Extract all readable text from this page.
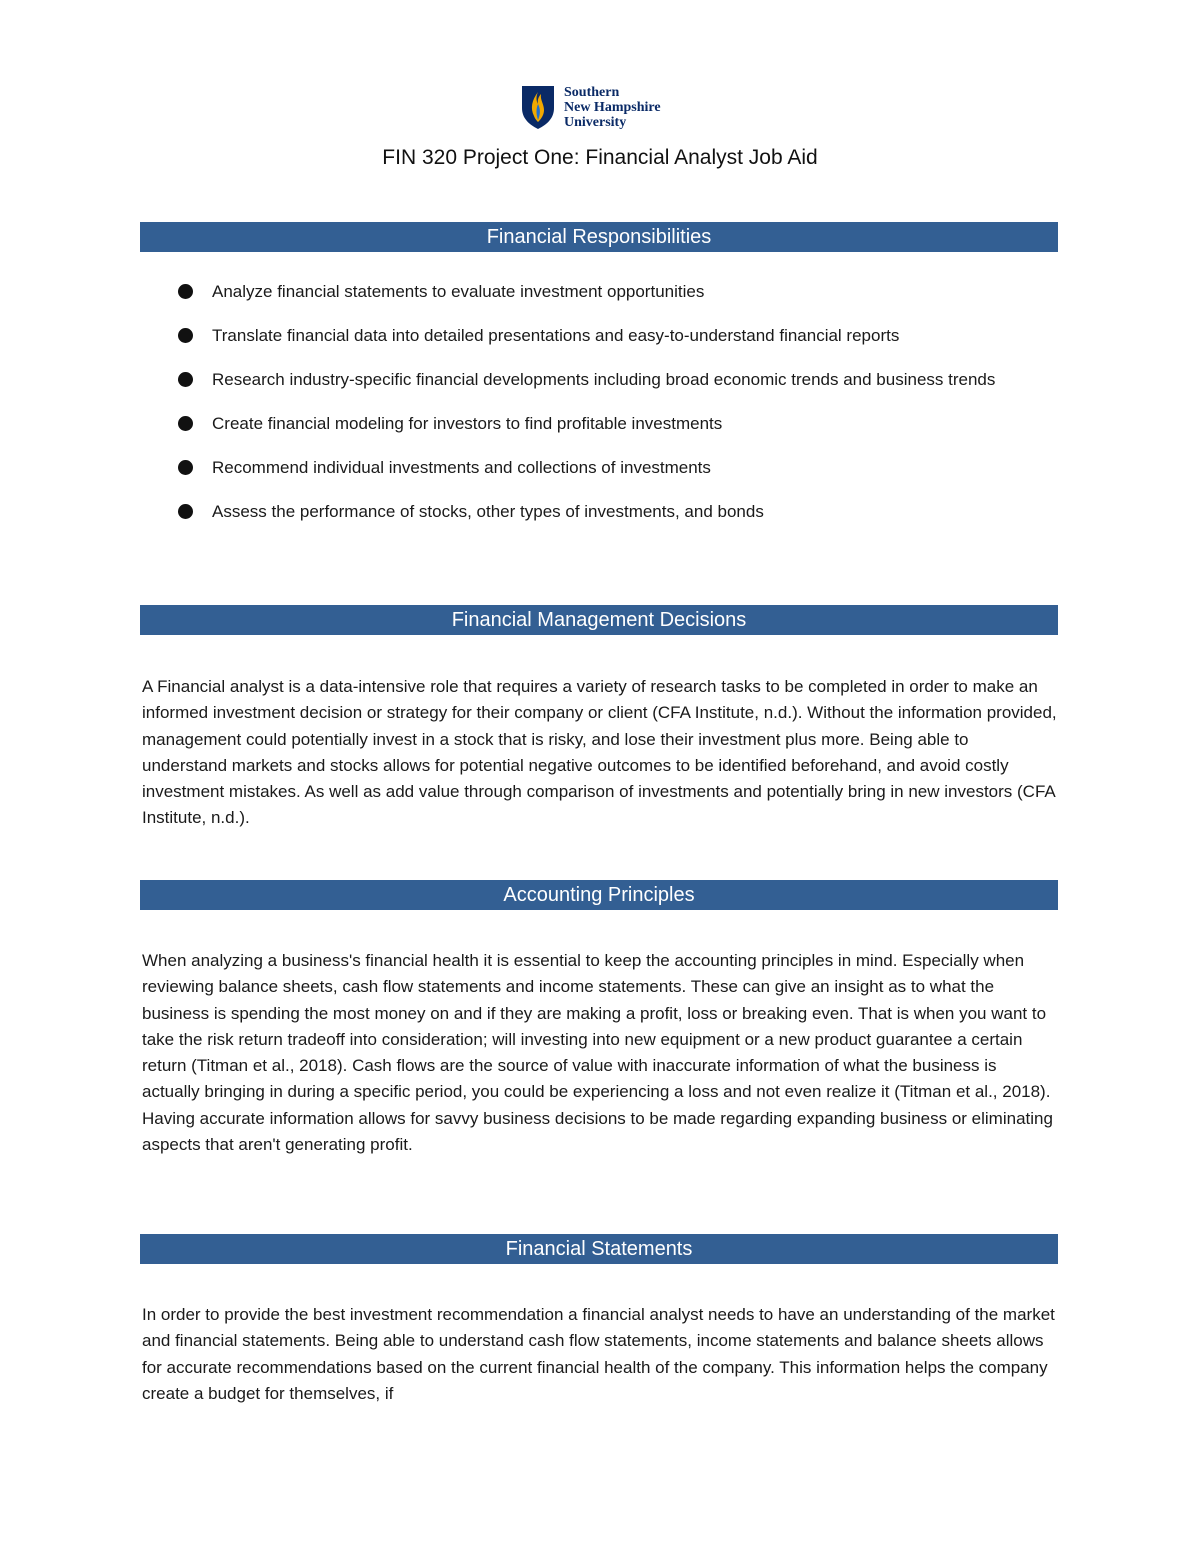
Southern
New Hampshire
University
FIN 320 Project One: Financial Analyst Job Aid
Financial Responsibilities
Analyze financial statements to evaluate investment opportunities
Translate financial data into detailed presentations and easy-to-understand financial reports
Research industry-specific financial developments including broad economic trends and business trends
Create financial modeling for investors to find profitable investments
Recommend individual investments and collections of investments
Assess the performance of stocks, other types of investments, and bonds
Financial Management Decisions

A Financial analyst is a data-intensive role that requires a variety of research tasks to be completed in order to make an informed investment decision or strategy for their company or client (CFA Institute, n.d.). Without the information provided, management could potentially invest in a stock that is risky, and lose their investment plus more. Being able to understand markets and stocks allows for potential negative outcomes to be identified beforehand, and avoid costly investment mistakes. As well as add value through comparison of investments and potentially bring in new investors (CFA Institute, n.d.).

Accounting Principles

When analyzing a business's financial health it is essential to keep the accounting principles in mind. Especially when reviewing balance sheets, cash flow statements and income statements. These can give an insight as to what the business is spending the most money on and if they are making a profit, loss or breaking even. That is when you want to take the risk return tradeoff into consideration; will investing into new equipment or a new product guarantee a certain return (Titman et al., 2018). Cash flows are the source of value with inaccurate information of what the business is actually bringing in during a specific period, you could be experiencing a loss and not even realize it (Titman et al., 2018). Having accurate information allows for savvy business decisions to be made regarding expanding business or eliminating aspects that aren't generating profit.

Financial Statements

In order to provide the best investment recommendation a financial analyst needs to have an understanding of the market and financial statements. Being able to understand cash flow statements, income statements and balance sheets allows for accurate recommendations based on the current financial health of the company. This information helps the company create a budget for themselves, if
